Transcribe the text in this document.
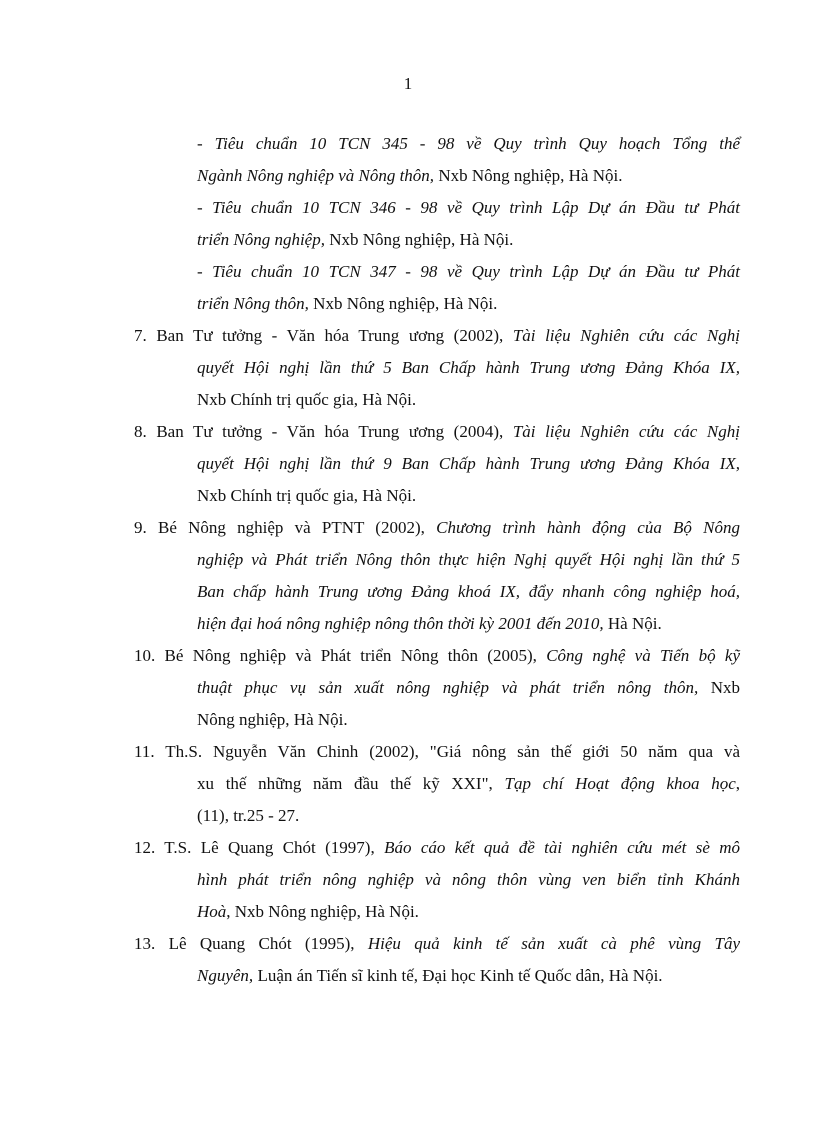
1
- Tiêu chuẩn 10 TCN 345 - 98 về Quy trình Quy hoạch Tổng thể
Ngành Nông nghiệp và Nông thôn, Nxb Nông nghiệp, Hà Nội.
- Tiêu chuẩn 10 TCN 346 - 98 về Quy trình Lập Dự án Đầu tư Phát
triển Nông nghiệp, Nxb Nông nghiệp, Hà Nội.
- Tiêu chuẩn 10 TCN 347 - 98 về Quy trình Lập Dự án Đầu tư Phát
triển Nông thôn, Nxb Nông nghiệp, Hà Nội.
7. Ban Tư tưởng - Văn hóa Trung ương (2002), Tài liệu Nghiên cứu các Nghị
quyết Hội nghị lần thứ 5 Ban Chấp hành Trung ương Đảng Khóa IX,
Nxb Chính trị quốc gia, Hà Nội.
8. Ban Tư tưởng - Văn hóa Trung ương (2004), Tài liệu Nghiên cứu các Nghị
quyết Hội nghị lần thứ 9 Ban Chấp hành Trung ương Đảng Khóa IX,
Nxb Chính trị quốc gia, Hà Nội.
9. Bé Nông nghiệp và PTNT (2002), Chương trình hành động của Bộ Nông
nghiệp và Phát triển Nông thôn thực hiện Nghị quyết Hội nghị lần thứ 5
Ban chấp hành Trung ương Đảng khoá IX, đẩy nhanh công nghiệp hoá,
hiện đại hoá nông nghiệp nông thôn thời kỳ 2001 đến 2010, Hà Nội.
10. Bé Nông nghiệp và Phát triển Nông thôn (2005), Công nghệ và Tiến bộ kỹ
thuật phục vụ sản xuất nông nghiệp và phát triển nông thôn, Nxb
Nông nghiệp, Hà Nội.
11. Th.S. Nguyễn Văn Chinh (2002), "Giá nông sản thế giới 50 năm qua và
xu thế những năm đầu thế kỹ XXI", Tạp chí Hoạt động khoa học,
(11), tr.25 - 27.
12. T.S. Lê Quang Chót (1997), Báo cáo kết quả đề tài nghiên cứu mét sè mô
hình phát triển nông nghiệp và nông thôn vùng ven biển tỉnh Khánh
Hoà, Nxb Nông nghiệp, Hà Nội.
13. Lê Quang Chót (1995), Hiệu quả kinh tế sản xuất cà phê vùng Tây
Nguyên, Luận án Tiến sĩ kinh tế, Đại học Kinh tế Quốc dân, Hà Nội.
